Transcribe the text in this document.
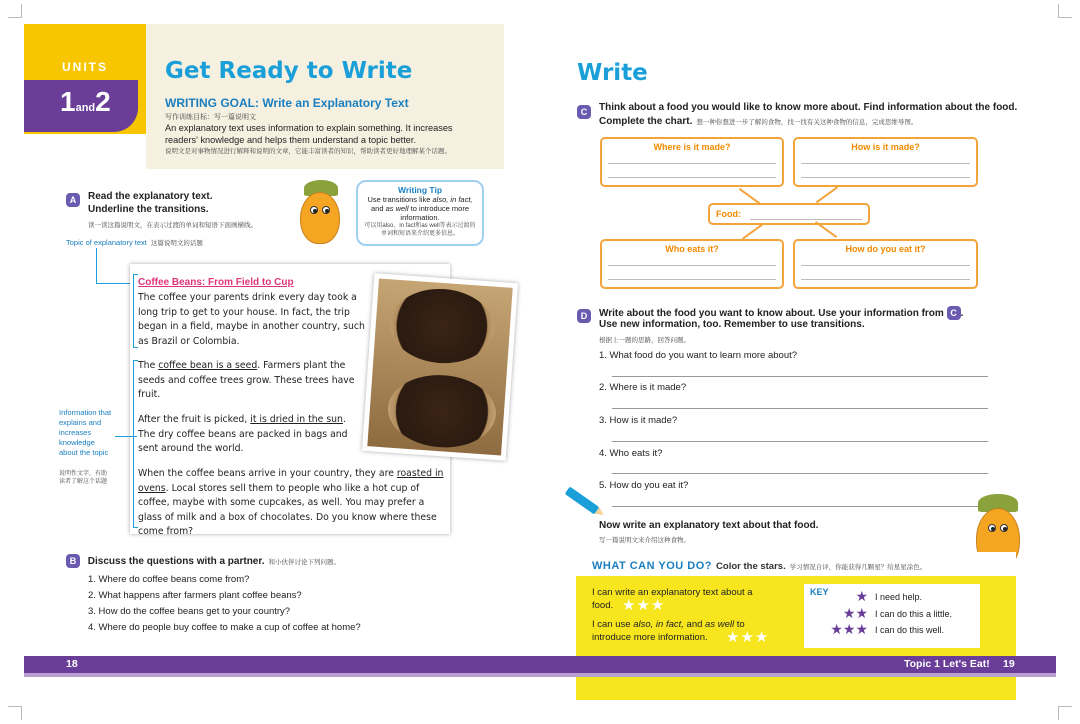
UNITS
1and2
Get Ready to Write
WRITING GOAL: Write an Explanatory Text
写作训练目标：写一篇说明文
An explanatory text uses information to explain something. It increases readers' knowledge and helps them understand a topic better.
说明文是对事物情况进行解释和说明的文章，它能丰富读者的知识，帮助读者更好地理解某个话题。
A Read the explanatory text.
Underline the transitions.
读一读这篇说明文，在表示过渡的单词和短语下面画横线。
Topic of explanatory text 这篇说明文的话题
Writing Tip
Use transitions like also, in fact, and as well to introduce more information.
可以用also、in fact和as well等表示过渡的单词和短语来介绍更多信息。
Coffee Beans: From Field to Cup
The coffee your parents drink every day took a long trip to get to your house. In fact, the trip began in a field, maybe in another country, such as Brazil or Colombia.
The coffee bean is a seed. Farmers plant the seeds and coffee trees grow. These trees have fruit.
After the fruit is picked, it is dried in the sun. The dry coffee beans are packed in bags and sent around the world.
When the coffee beans arrive in your country, they are roasted in ovens. Local stores sell them to people who like a hot cup of coffee, maybe with some cupcakes, as well. You may prefer a glass of milk and a box of chocolates. Do you know where these come from?
Information that explains and increases knowledge about the topic
说明性文字，有助读者了解这个话题
B Discuss the questions with a partner. 和小伙伴讨论下列问题。
1. Where do coffee beans come from?
2. What happens after farmers plant coffee beans?
3. How do the coffee beans get to your country?
4. Where do people buy coffee to make a cup of coffee at home?
18
Write
C Think about a food you would like to know more about. Find information about the food.
Complete the chart. 想一种你想进一步了解的食物，找一找有关这种食物的信息，完成思维导图。
Where is it made?	How is it made?
Food:
Who eats it?	How do you eat it?
D Write about the food you want to know about. Use your information from C .
Use new information, too. Remember to use transitions.
根据上一题的思路，回答问题。
1. What food do you want to learn more about?
2. Where is it made?
3. How is it made?
4. Who eats it?
5. How do you eat it?
Now write an explanatory text about that food.
写一篇说明文来介绍这种食物。
WHAT CAN YOU DO? Color the stars. 学习情况自评，你能获得几颗星？给星星涂色。
I can write an explanatory text about a food. ★★★
I can use also, in fact, and as well to introduce more information.	★★★
KEY	★ I need help.
★★ I can do this a little.
★★★ I can do this well.
Topic 1 Let's Eat! 19
